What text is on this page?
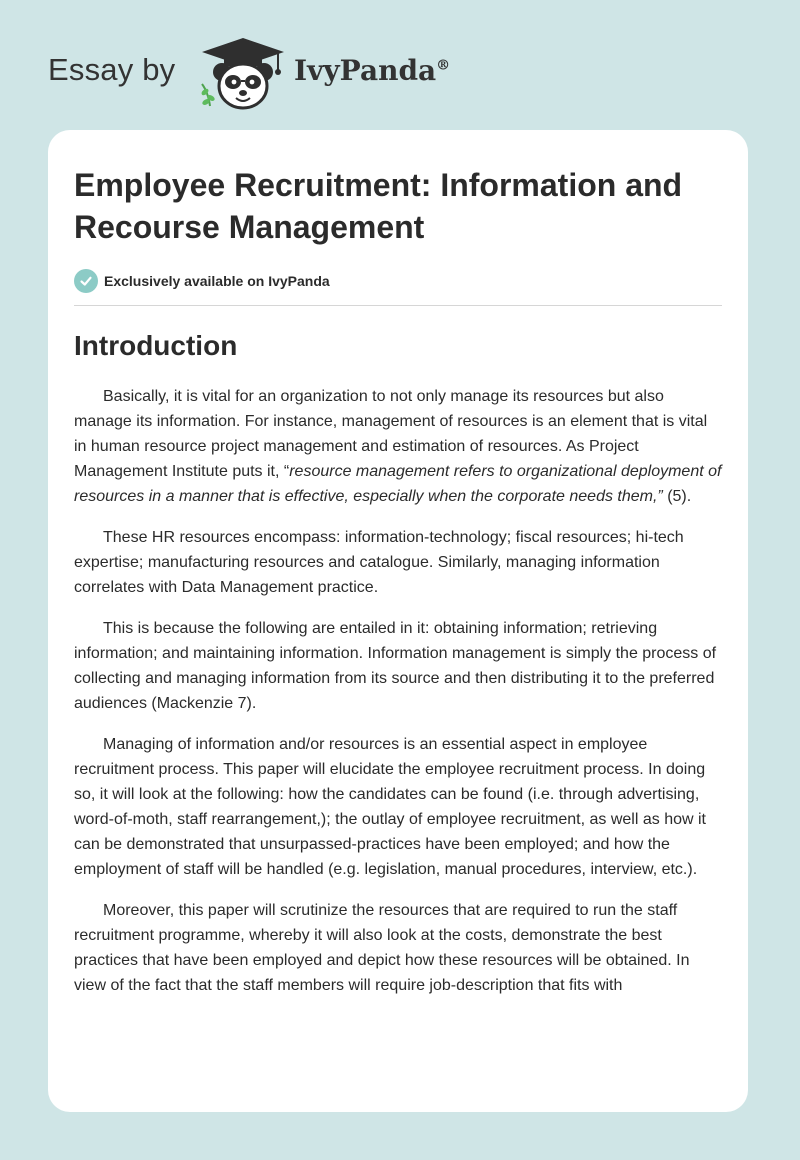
Essay by	IvyPanda®
Employee Recruitment: Information and Recourse Management
Exclusively available on IvyPanda
Introduction

Basically, it is vital for an organization to not only manage its resources but also manage its information. For instance, management of resources is an element that is vital in human resource project management and estimation of resources. As Project Management Institute puts it, “resource management refers to organizational deployment of resources in a manner that is effective, especially when the corporate needs them,” (5).

These HR resources encompass: information-technology; fiscal resources; hi-tech expertise; manufacturing resources and catalogue. Similarly, managing information correlates with Data Management practice.

This is because the following are entailed in it: obtaining information; retrieving information; and maintaining information. Information management is simply the process of collecting and managing information from its source and then distributing it to the preferred audiences (Mackenzie 7).

Managing of information and/or resources is an essential aspect in employee recruitment process. This paper will elucidate the employee recruitment process. In doing so, it will look at the following: how the candidates can be found (i.e. through advertising, word-of-moth, staff rearrangement,); the outlay of employee recruitment, as well as how it can be demonstrated that unsurpassed-practices have been employed; and how the employment of staff will be handled (e.g. legislation, manual procedures, interview, etc.).

Moreover, this paper will scrutinize the resources that are required to run the staff recruitment programme, whereby it will also look at the costs, demonstrate the best practices that have been employed and depict how these resources will be obtained. In view of the fact that the staff members will require job-description that fits with
